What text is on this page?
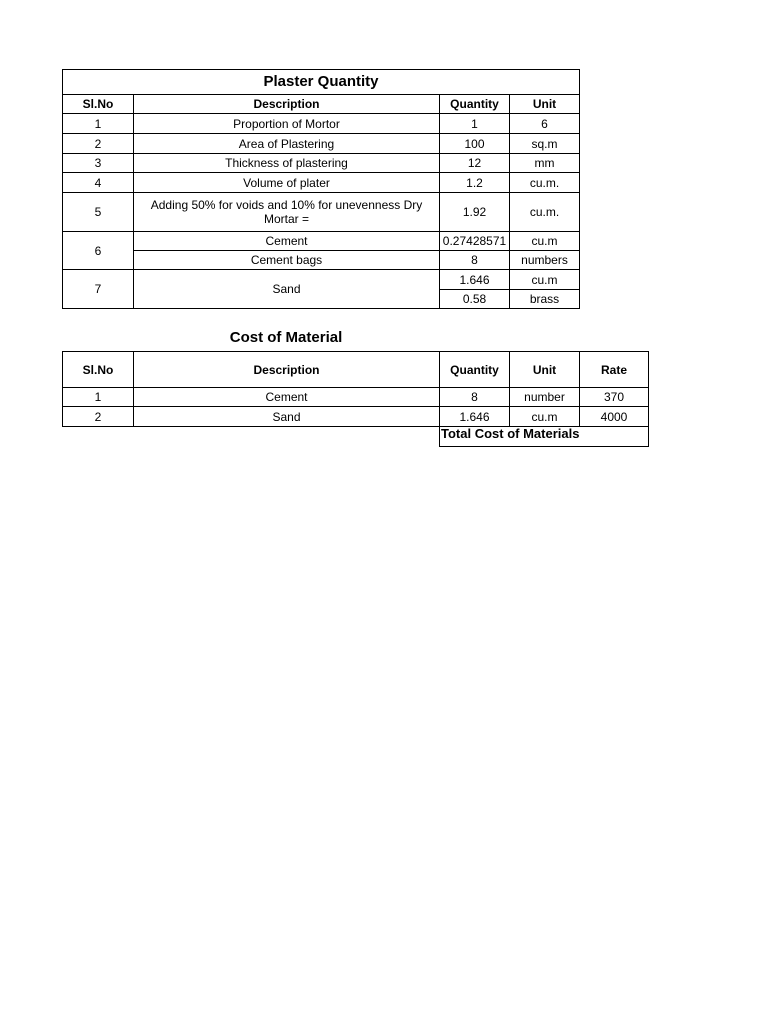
Plaster Quantity			
Sl.No	Description	Quantity	Unit
1	Proportion of Mortor	1	6
2	Area of Plastering	100	sq.m
3	Thickness of plastering	12	mm
4	Volume of plater	1.2	cu.m.
5	Adding 50% for voids and 10% for unevenness Dry Mortar =	1.92	cu.m.
6	Cement	0.27428571	cu.m
	Cement bags	8	numbers
7	Sand	1.646	cu.m
		0.58	brass
Cost of Material
Sl.No	Description	Quantity	Unit	Rate
1	Cement	8	number	370
2	Sand	1.646	cu.m	4000
		Total Cost of Materials		
